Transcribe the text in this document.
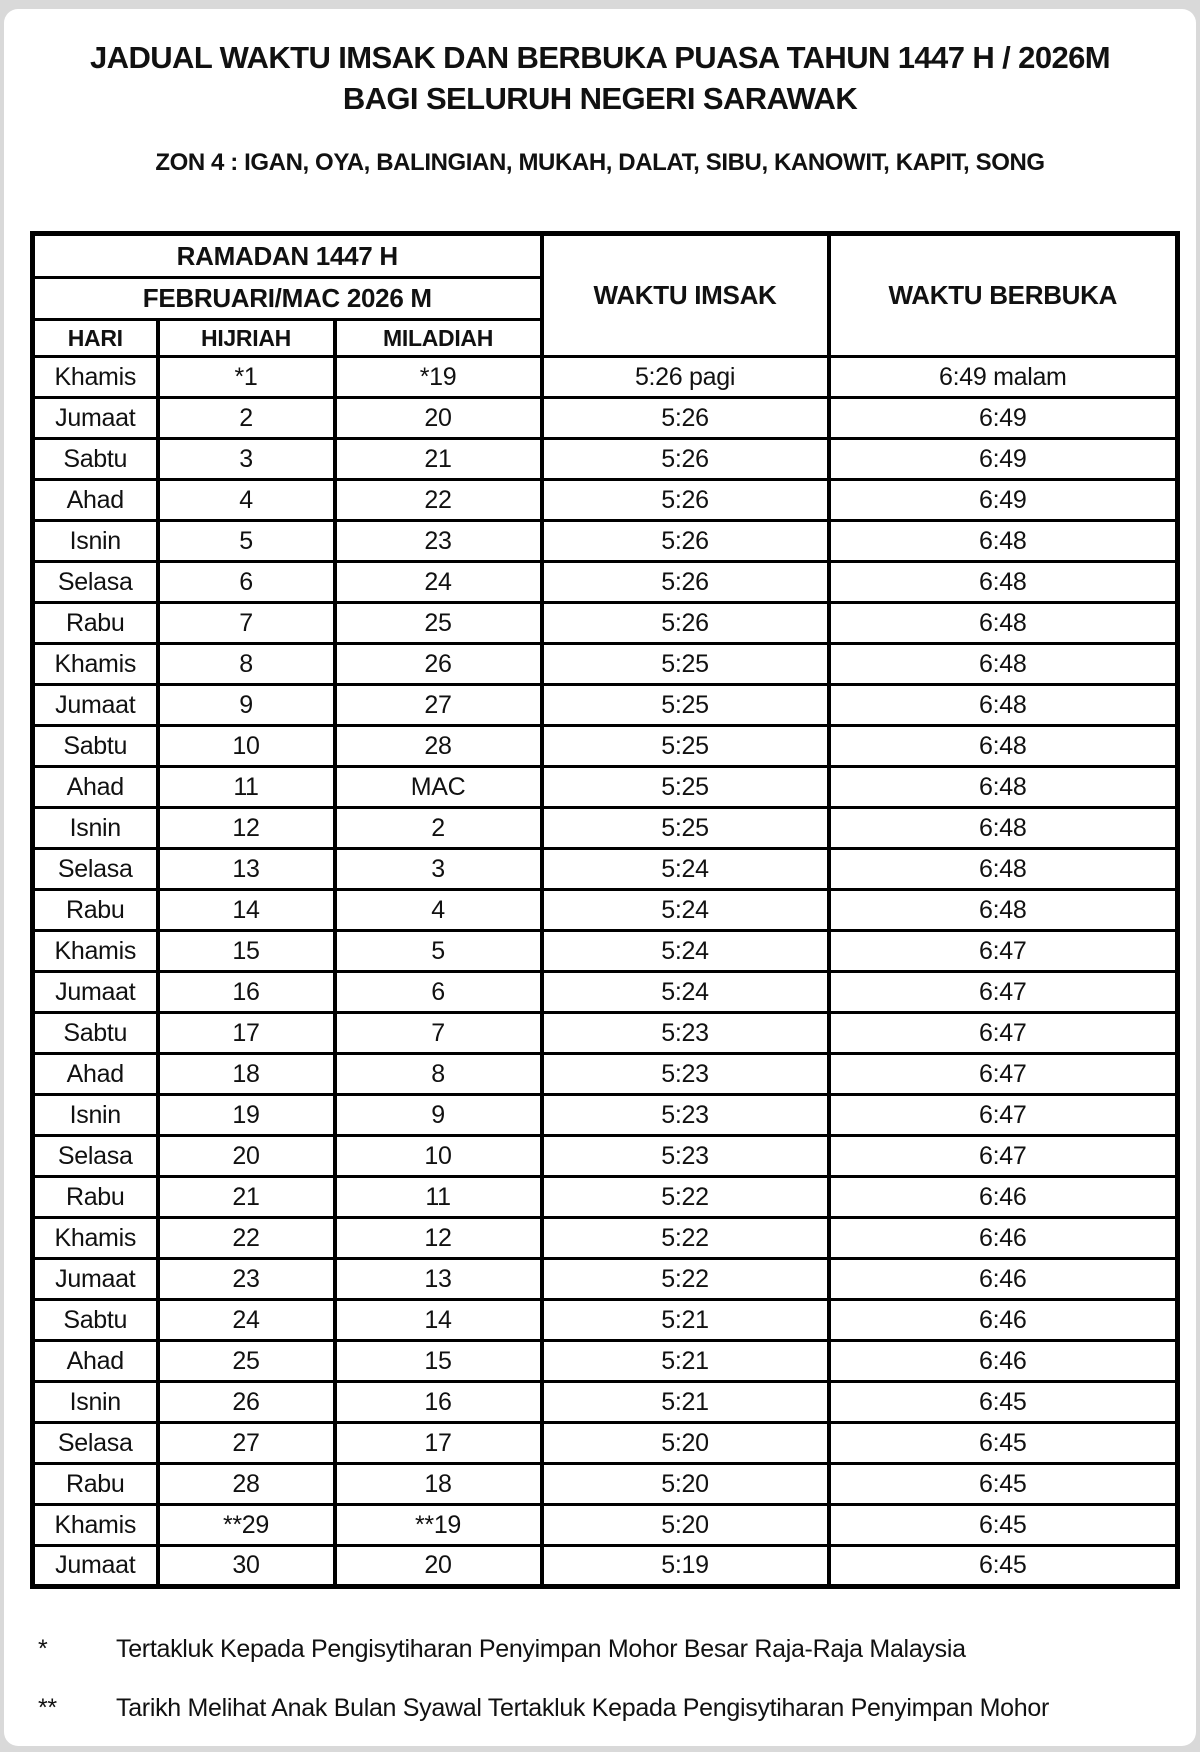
JADUAL WAKTU IMSAK DAN BERBUKA PUASA TAHUN 1447 H / 2026M
BAGI SELURUH NEGERI SARAWAK
ZON 4 : IGAN, OYA, BALINGIAN, MUKAH, DALAT, SIBU, KANOWIT, KAPIT, SONG
RAMADAN 1447 H			WAKTU IMSAK	WAKTU BERBUKA
FEBRUARI/MAC 2026 M				
HARI	HIJRIAH	MILADIAH		
Khamis	*1	*19	5:26 pagi	6:49 malam
Jumaat	2	20	5:26	6:49
Sabtu	3	21	5:26	6:49
Ahad	4	22	5:26	6:49
Isnin	5	23	5:26	6:48
Selasa	6	24	5:26	6:48
Rabu	7	25	5:26	6:48
Khamis	8	26	5:25	6:48
Jumaat	9	27	5:25	6:48
Sabtu	10	28	5:25	6:48
Ahad	11	MAC	5:25	6:48
Isnin	12	2	5:25	6:48
Selasa	13	3	5:24	6:48
Rabu	14	4	5:24	6:48
Khamis	15	5	5:24	6:47
Jumaat	16	6	5:24	6:47
Sabtu	17	7	5:23	6:47
Ahad	18	8	5:23	6:47
Isnin	19	9	5:23	6:47
Selasa	20	10	5:23	6:47
Rabu	21	11	5:22	6:46
Khamis	22	12	5:22	6:46
Jumaat	23	13	5:22	6:46
Sabtu	24	14	5:21	6:46
Ahad	25	15	5:21	6:46
Isnin	26	16	5:21	6:45
Selasa	27	17	5:20	6:45
Rabu	28	18	5:20	6:45
Khamis	**29	**19	5:20	6:45
Jumaat	30	20	5:19	6:45
*	Tertakluk Kepada Pengisytiharan Penyimpan Mohor Besar Raja-Raja Malaysia
**	Tarikh Melihat Anak Bulan Syawal Tertakluk Kepada Pengisytiharan Penyimpan Mohor
